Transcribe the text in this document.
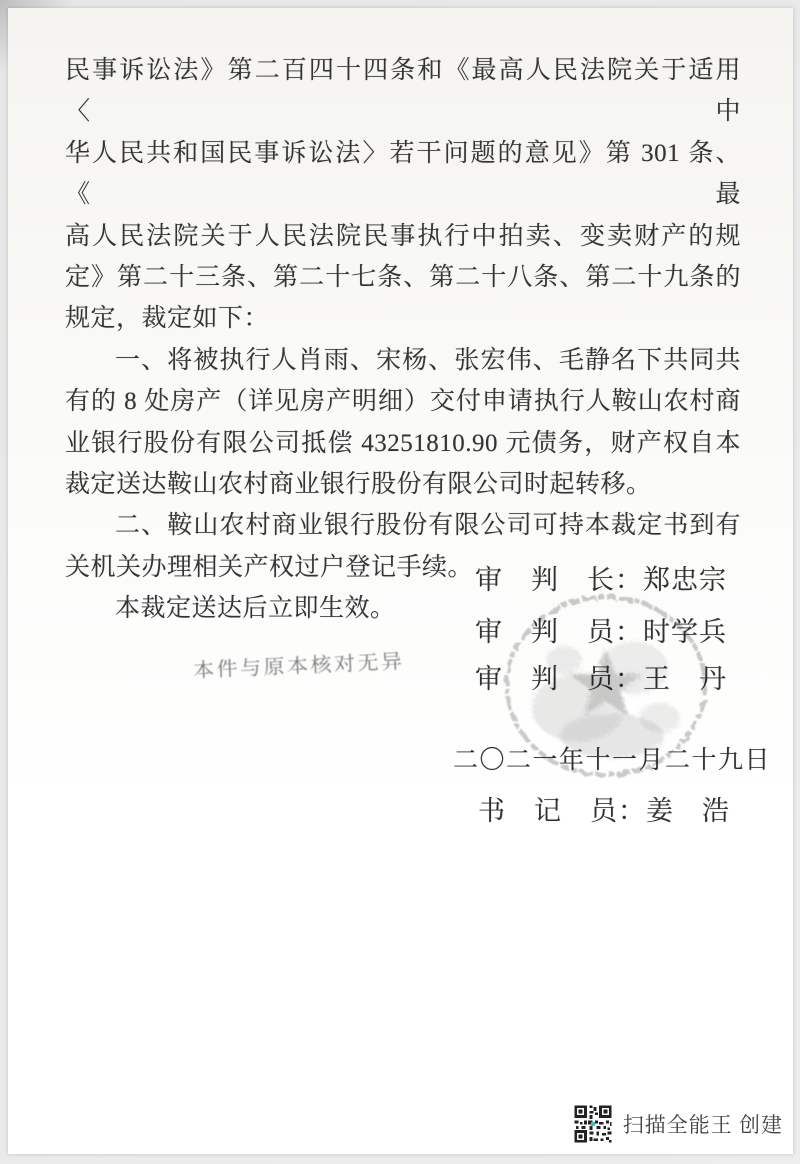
民事诉讼法》第二百四十四条和《最高人民法院关于适用〈中
华人民共和国民事诉讼法〉若干问题的意见》第 301 条、《最
高人民法院关于人民法院民事执行中拍卖、变卖财产的规
定》第二十三条、第二十七条、第二十八条、第二十九条的
规定，裁定如下：
一、将被执行人肖雨、宋杨、张宏伟、毛静名下共同共
有的 8 处房产（详见房产明细）交付申请执行人鞍山农村商
业银行股份有限公司抵偿 43251810.90 元债务，财产权自本
裁定送达鞍山农村商业银行股份有限公司时起转移。
二、鞍山农村商业银行股份有限公司可持本裁定书到有
关机关办理相关产权过户登记手续。
本裁定送达后立即生效。
审　判　长：郑忠宗
审　判　员：时学兵
审　判　员：王　丹
二〇二一年十一月二十九日
书　记　员：姜　浩
本件与原本核对无异
扫描全能王 创建
